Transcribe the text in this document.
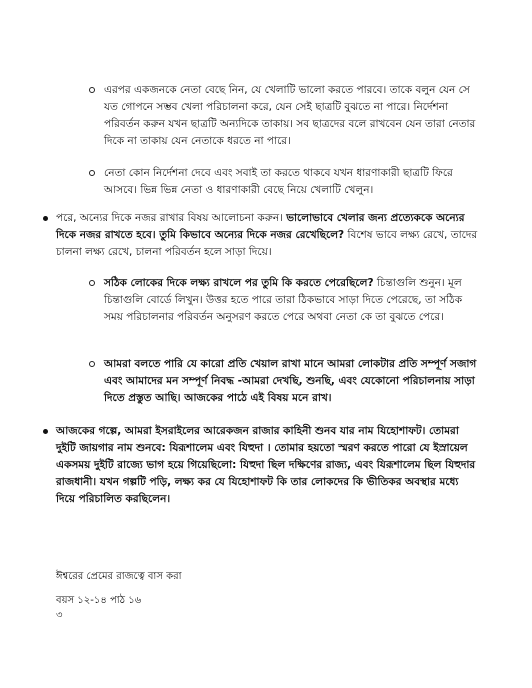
এরপর একজনকে নেতা বেছে নিন, যে খেলাটি ভালো করতে পারবে। তাকে বলুন যেন সে যত গোপনে সম্ভব খেলা পরিচালনা করে, যেন সেই ছাত্রটি বুঝতে না পারে। নির্দেশনা পরিবর্তন করুন যখন ছাত্রটি অন্যদিকে তাকায়। সব ছাত্রদের বলে রাখবেন যেন তারা নেতার দিকে না তাকায় যেন নেতাকে ধরতে না পারে।

নেতা কোন নির্দেশনা দেবে এবং সবাই তা করতে থাকবে যখন ধারণাকারী ছাত্রটি ফিরে আসবে। ভিন্ন ভিন্ন নেতা ও ধারণাকারী বেছে নিয়ে খেলাটি খেলুন।

পরে, অন্যের দিকে নজর রাখার বিষয় আলোচনা করুন। ভালোভাবে খেলার জন্য প্রত্যেককে অন্যের দিকে নজর রাখতে হবে। তুমি কিভাবে অন্যের দিকে নজর রেখেছিলে? বিশেষ ভাবে লক্ষ্য রেখে, তাদের চালনা লক্ষ্য রেখে, চালনা পরিবর্তন হলে সাড়া দিয়ে।

সঠিক লোকের দিকে লক্ষ্য রাখলে পর তুমি কি করতে পেরেছিলে? চিন্তাগুলি শুনুন। মূল চিন্তাগুলি বোর্ডে লিখুন। উত্তর হতে পারে তারা ঠিকভাবে সাড়া দিতে পেরেছে, তা সঠিক সময় পরিচালনার পরিবর্তন অনুসরণ করতে পেরে অথবা নেতা কে তা বুঝতে পেরে।

আমরা বলতে পারি যে কারো প্রতি খেয়াল রাখা মানে আমরা লোকটার প্রতি সম্পূর্ণ সজাগ এবং আমাদের মন সম্পূর্ণ নিবদ্ধ -আমরা দেখছি, শুনছি, এবং যেকোনো পরিচালনায় সাড়া দিতে প্রস্তুত আছি। আজকের পাঠে এই বিষয় মনে রাখ।

আজকের গল্পে, আমরা ইসরাইলের আরেকজন রাজার কাহিনী শুনব যার নাম যিহোশাফট। তোমরা দুইটি জায়গার নাম শুনবে: যিরূশালেম এবং যিহুদা । তোমার হয়তো স্মরণ করতে পারো যে ইস্রায়েল একসময় দুইটি রাজ্যে ভাগ হয়ে গিয়েছিলো: যিহুদা ছিল দক্ষিণের রাজ্য, এবং যিরূশালেম ছিল যিহুদার রাজধানী। যখন গল্পটি পড়ি, লক্ষ্য কর যে যিহোশাফট কি তার লোকদের কি ভীতিকর অবস্থার মধ্যে দিয়ে পরিচালিত করছিলেন।

ঈশ্বরের প্রেমের রাজত্বে বাস করা
বয়স ১২-১৪ পাঠ ১৬
৩
